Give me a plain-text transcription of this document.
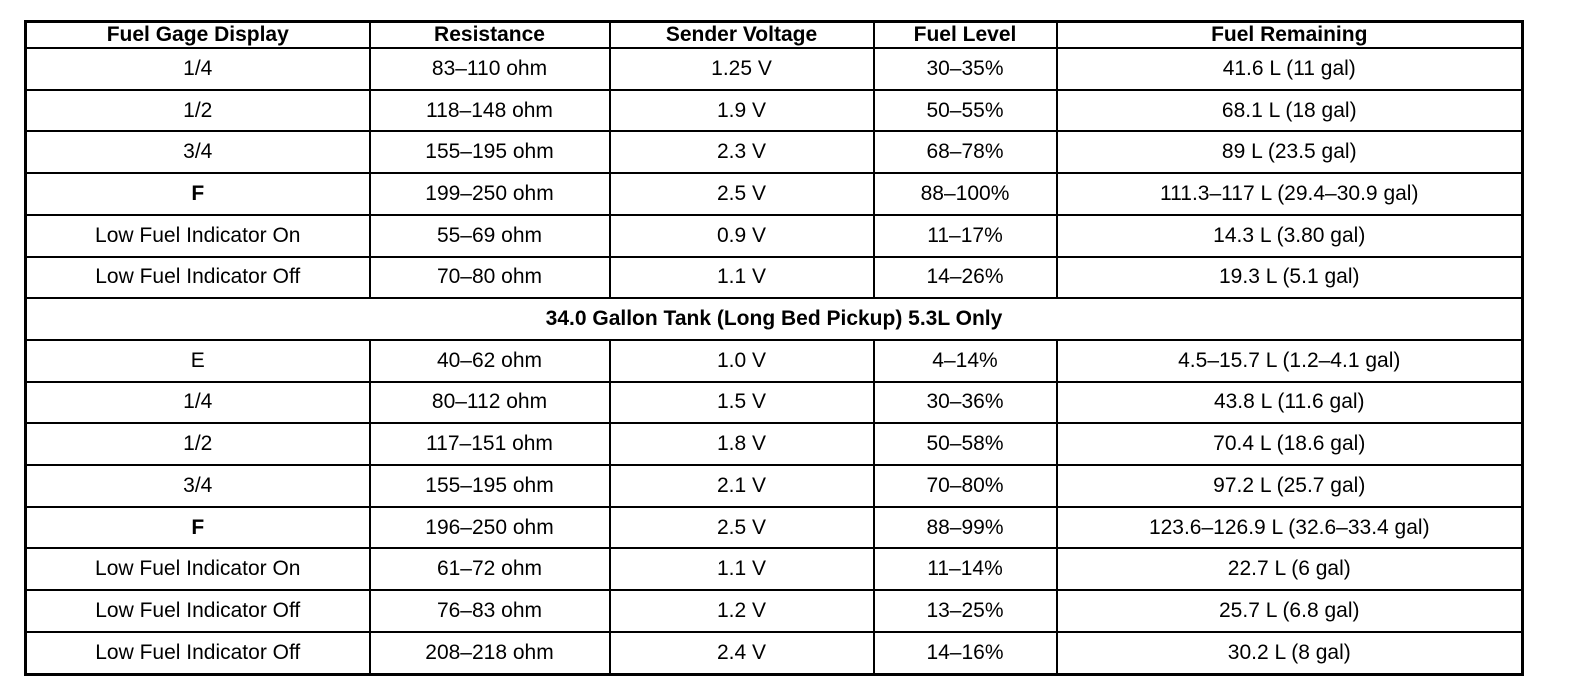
Fuel Gage Display	Resistance	Sender Voltage	Fuel Level	Fuel Remaining
1/4	83–110 ohm	1.25 V	30–35%	41.6 L (11 gal)
1/2	118–148 ohm	1.9 V	50–55%	68.1 L (18 gal)
3/4	155–195 ohm	2.3 V	68–78%	89 L (23.5 gal)
F	199–250 ohm	2.5 V	88–100%	111.3–117 L (29.4–30.9 gal)
Low Fuel Indicator On	55–69 ohm	0.9 V	11–17%	14.3 L (3.80 gal)
Low Fuel Indicator Off	70–80 ohm	1.1 V	14–26%	19.3 L (5.1 gal)
34.0 Gallon Tank (Long Bed Pickup) 5.3L Only				
E	40–62 ohm	1.0 V	4–14%	4.5–15.7 L (1.2–4.1 gal)
1/4	80–112 ohm	1.5 V	30–36%	43.8 L (11.6 gal)
1/2	117–151 ohm	1.8 V	50–58%	70.4 L (18.6 gal)
3/4	155–195 ohm	2.1 V	70–80%	97.2 L (25.7 gal)
F	196–250 ohm	2.5 V	88–99%	123.6–126.9 L (32.6–33.4 gal)
Low Fuel Indicator On	61–72 ohm	1.1 V	11–14%	22.7 L (6 gal)
Low Fuel Indicator Off	76–83 ohm	1.2 V	13–25%	25.7 L (6.8 gal)
Low Fuel Indicator Off	208–218 ohm	2.4 V	14–16%	30.2 L (8 gal)
